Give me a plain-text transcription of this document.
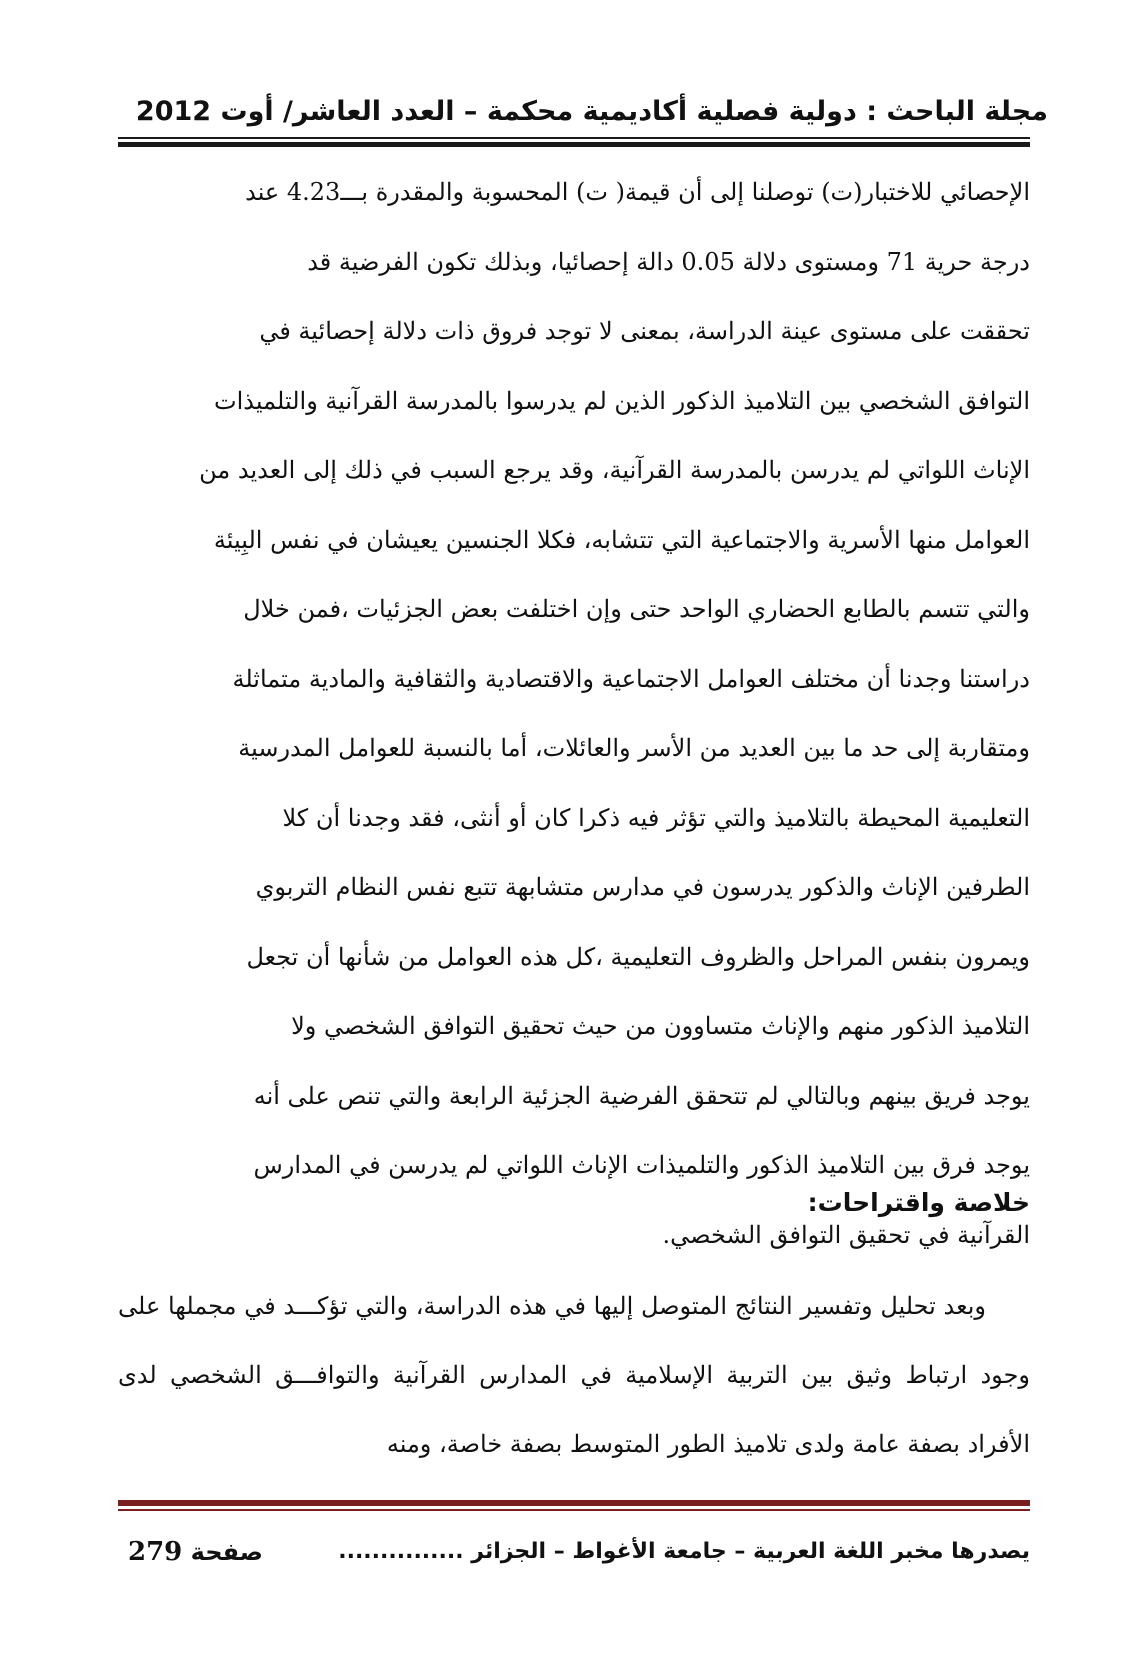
مجلة الباحث : دولية فصلية أكاديمية محكمة – العدد العاشر/ أوت 2012
الإحصائي للاختبار(ت) توصلنا إلى أن قيمة( ت) المحسوبة والمقدرة بـــ4.23 عند
درجة حرية 71 ومستوى دلالة 0.05 دالة إحصائيا، وبذلك تكون الفرضية قد
تحققت على مستوى عينة الدراسة، بمعنى لا توجد فروق ذات دلالة إحصائية في
التوافق الشخصي بين التلاميذ الذكور الذين لم يدرسوا بالمدرسة القرآنية والتلميذات
الإناث اللواتي لم يدرسن بالمدرسة القرآنية، وقد يرجع السبب في ذلك إلى العديد من
العوامل منها الأسرية والاجتماعية التي تتشابه، فكلا الجنسين يعيشان في نفس البِيئة
والتي تتسم بالطابع الحضاري الواحد حتى وإن اختلفت بعض الجزئيات ،فمن خلال
دراستنا وجدنا أن مختلف العوامل الاجتماعية والاقتصادية والثقافية والمادية متماثلة
ومتقاربة إلى حد ما بين العديد من الأسر والعائلات، أما بالنسبة للعوامل المدرسية
التعليمية المحيطة بالتلاميذ والتي تؤثر فيه ذكرا كان أو أنثى، فقد وجدنا أن كلا
الطرفين الإناث والذكور يدرسون في مدارس متشابهة تتبع نفس النظام التربوي
ويمرون بنفس المراحل والظروف التعليمية ،كل هذه العوامل من شأنها أن تجعل
التلاميذ الذكور منهم والإناث متساوون من حيث تحقيق التوافق الشخصي ولا
يوجد فريق بينهم وبالتالي لم تتحقق الفرضية الجزئية الرابعة والتي تنص على أنه
يوجد فرق بين التلاميذ الذكور والتلميذات الإناث اللواتي لم يدرسن في المدارس
القرآنية في تحقيق التوافق الشخصي.
خلاصة واقتراحات:
وبعد تحليل وتفسير النتائج المتوصل إليها في هذه الدراسة، والتي تؤكـــد في مجملها على وجود ارتباط وثيق بين التربية الإسلامية في المدارس القرآنية والتوافـــق الشخصي لدى الأفراد بصفة عامة ولدى تلاميذ الطور المتوسط بصفة خاصة، ومنه
يصدرها مخبر اللغة العربية – جامعة الأغواط – الجزائر ...............
صفحة 279
